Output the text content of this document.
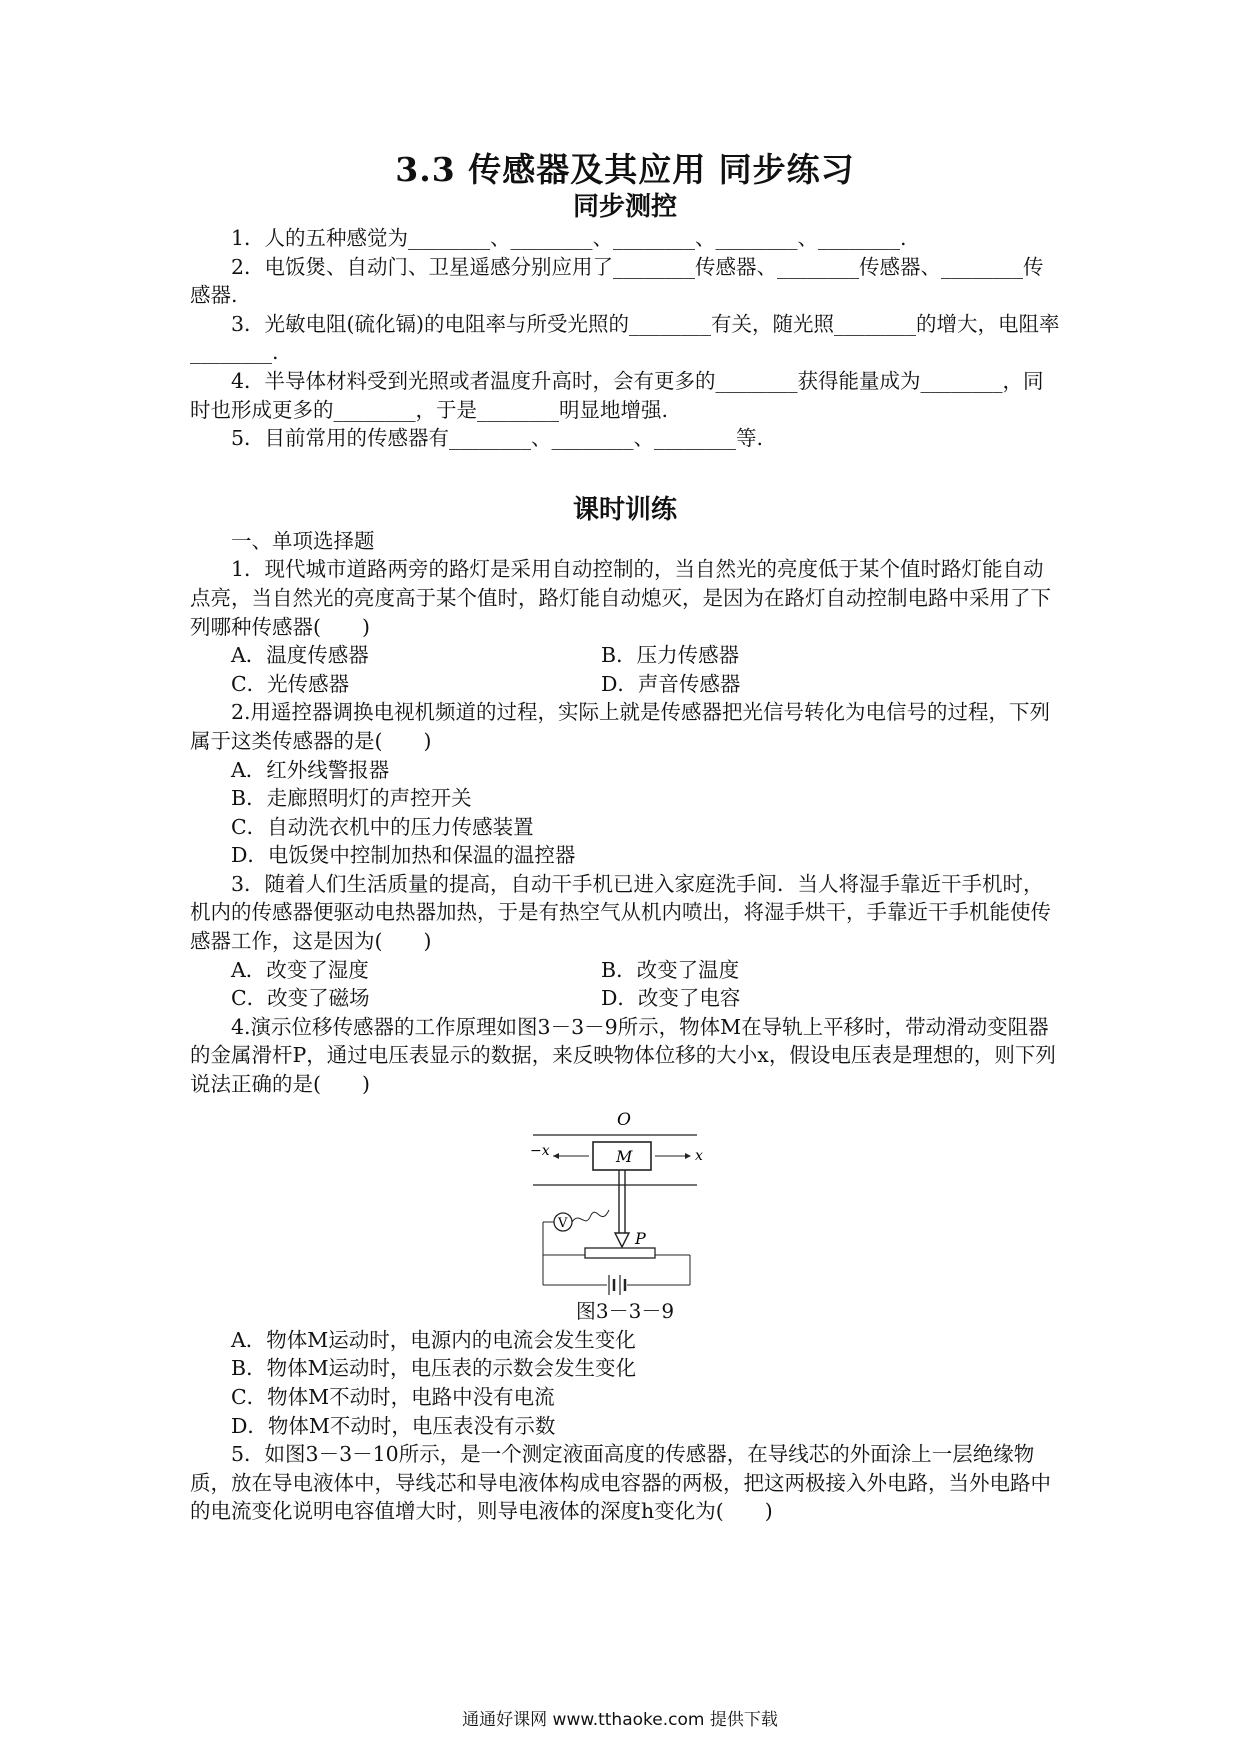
3.3 传感器及其应用 同步练习
同步测控

1．人的五种感觉为________、________、________、________、________.

2．电饭煲、自动门、卫星遥感分别应用了________传感器、________传感器、________传感器.

3．光敏电阻(硫化镉)的电阻率与所受光照的________有关，随光照________的增大，电阻率________.

4．半导体材料受到光照或者温度升高时，会有更多的________获得能量成为________，同时也形成更多的________，于是________明显地增强.

5．目前常用的传感器有________、________、________等.

课时训练

一、单项选择题

1．现代城市道路两旁的路灯是采用自动控制的，当自然光的亮度低于某个值时路灯能自动点亮，当自然光的亮度高于某个值时，路灯能自动熄灭，是因为在路灯自动控制电路中采用了下列哪种传感器(　　)

A．温度传感器	B．压力传感器
C．光传感器	D．声音传感器

2.用遥控器调换电视机频道的过程，实际上就是传感器把光信号转化为电信号的过程，下列属于这类传感器的是(　　)

A．红外线警报器

B．走廊照明灯的声控开关

C．自动洗衣机中的压力传感装置

D．电饭煲中控制加热和保温的温控器

3．随着人们生活质量的提高，自动干手机已进入家庭洗手间．当人将湿手靠近干手机时，机内的传感器便驱动电热器加热，于是有热空气从机内喷出，将湿手烘干，手靠近干手机能使传感器工作，这是因为(　　)

A．改变了湿度	B．改变了温度
C．改变了磁场	D．改变了电容

4.演示位移传感器的工作原理如图3－3－9所示，物体M在导轨上平移时，带动滑动变阻器的金属滑杆P，通过电压表显示的数据，来反映物体位移的大小x，假设电压表是理想的，则下列说法正确的是(　　)

O
M
−x	x
V
P

图3－3－9

A．物体M运动时，电源内的电流会发生变化

B．物体M运动时，电压表的示数会发生变化

C．物体M不动时，电路中没有电流

D．物体M不动时，电压表没有示数

5．如图3－3－10所示，是一个测定液面高度的传感器，在导线芯的外面涂上一层绝缘物质，放在导电液体中，导线芯和导电液体构成电容器的两极，把这两极接入外电路，当外电路中的电流变化说明电容值增大时，则导电液体的深度h变化为(　　)

通通好课网 www.tthaoke.com 提供下载
